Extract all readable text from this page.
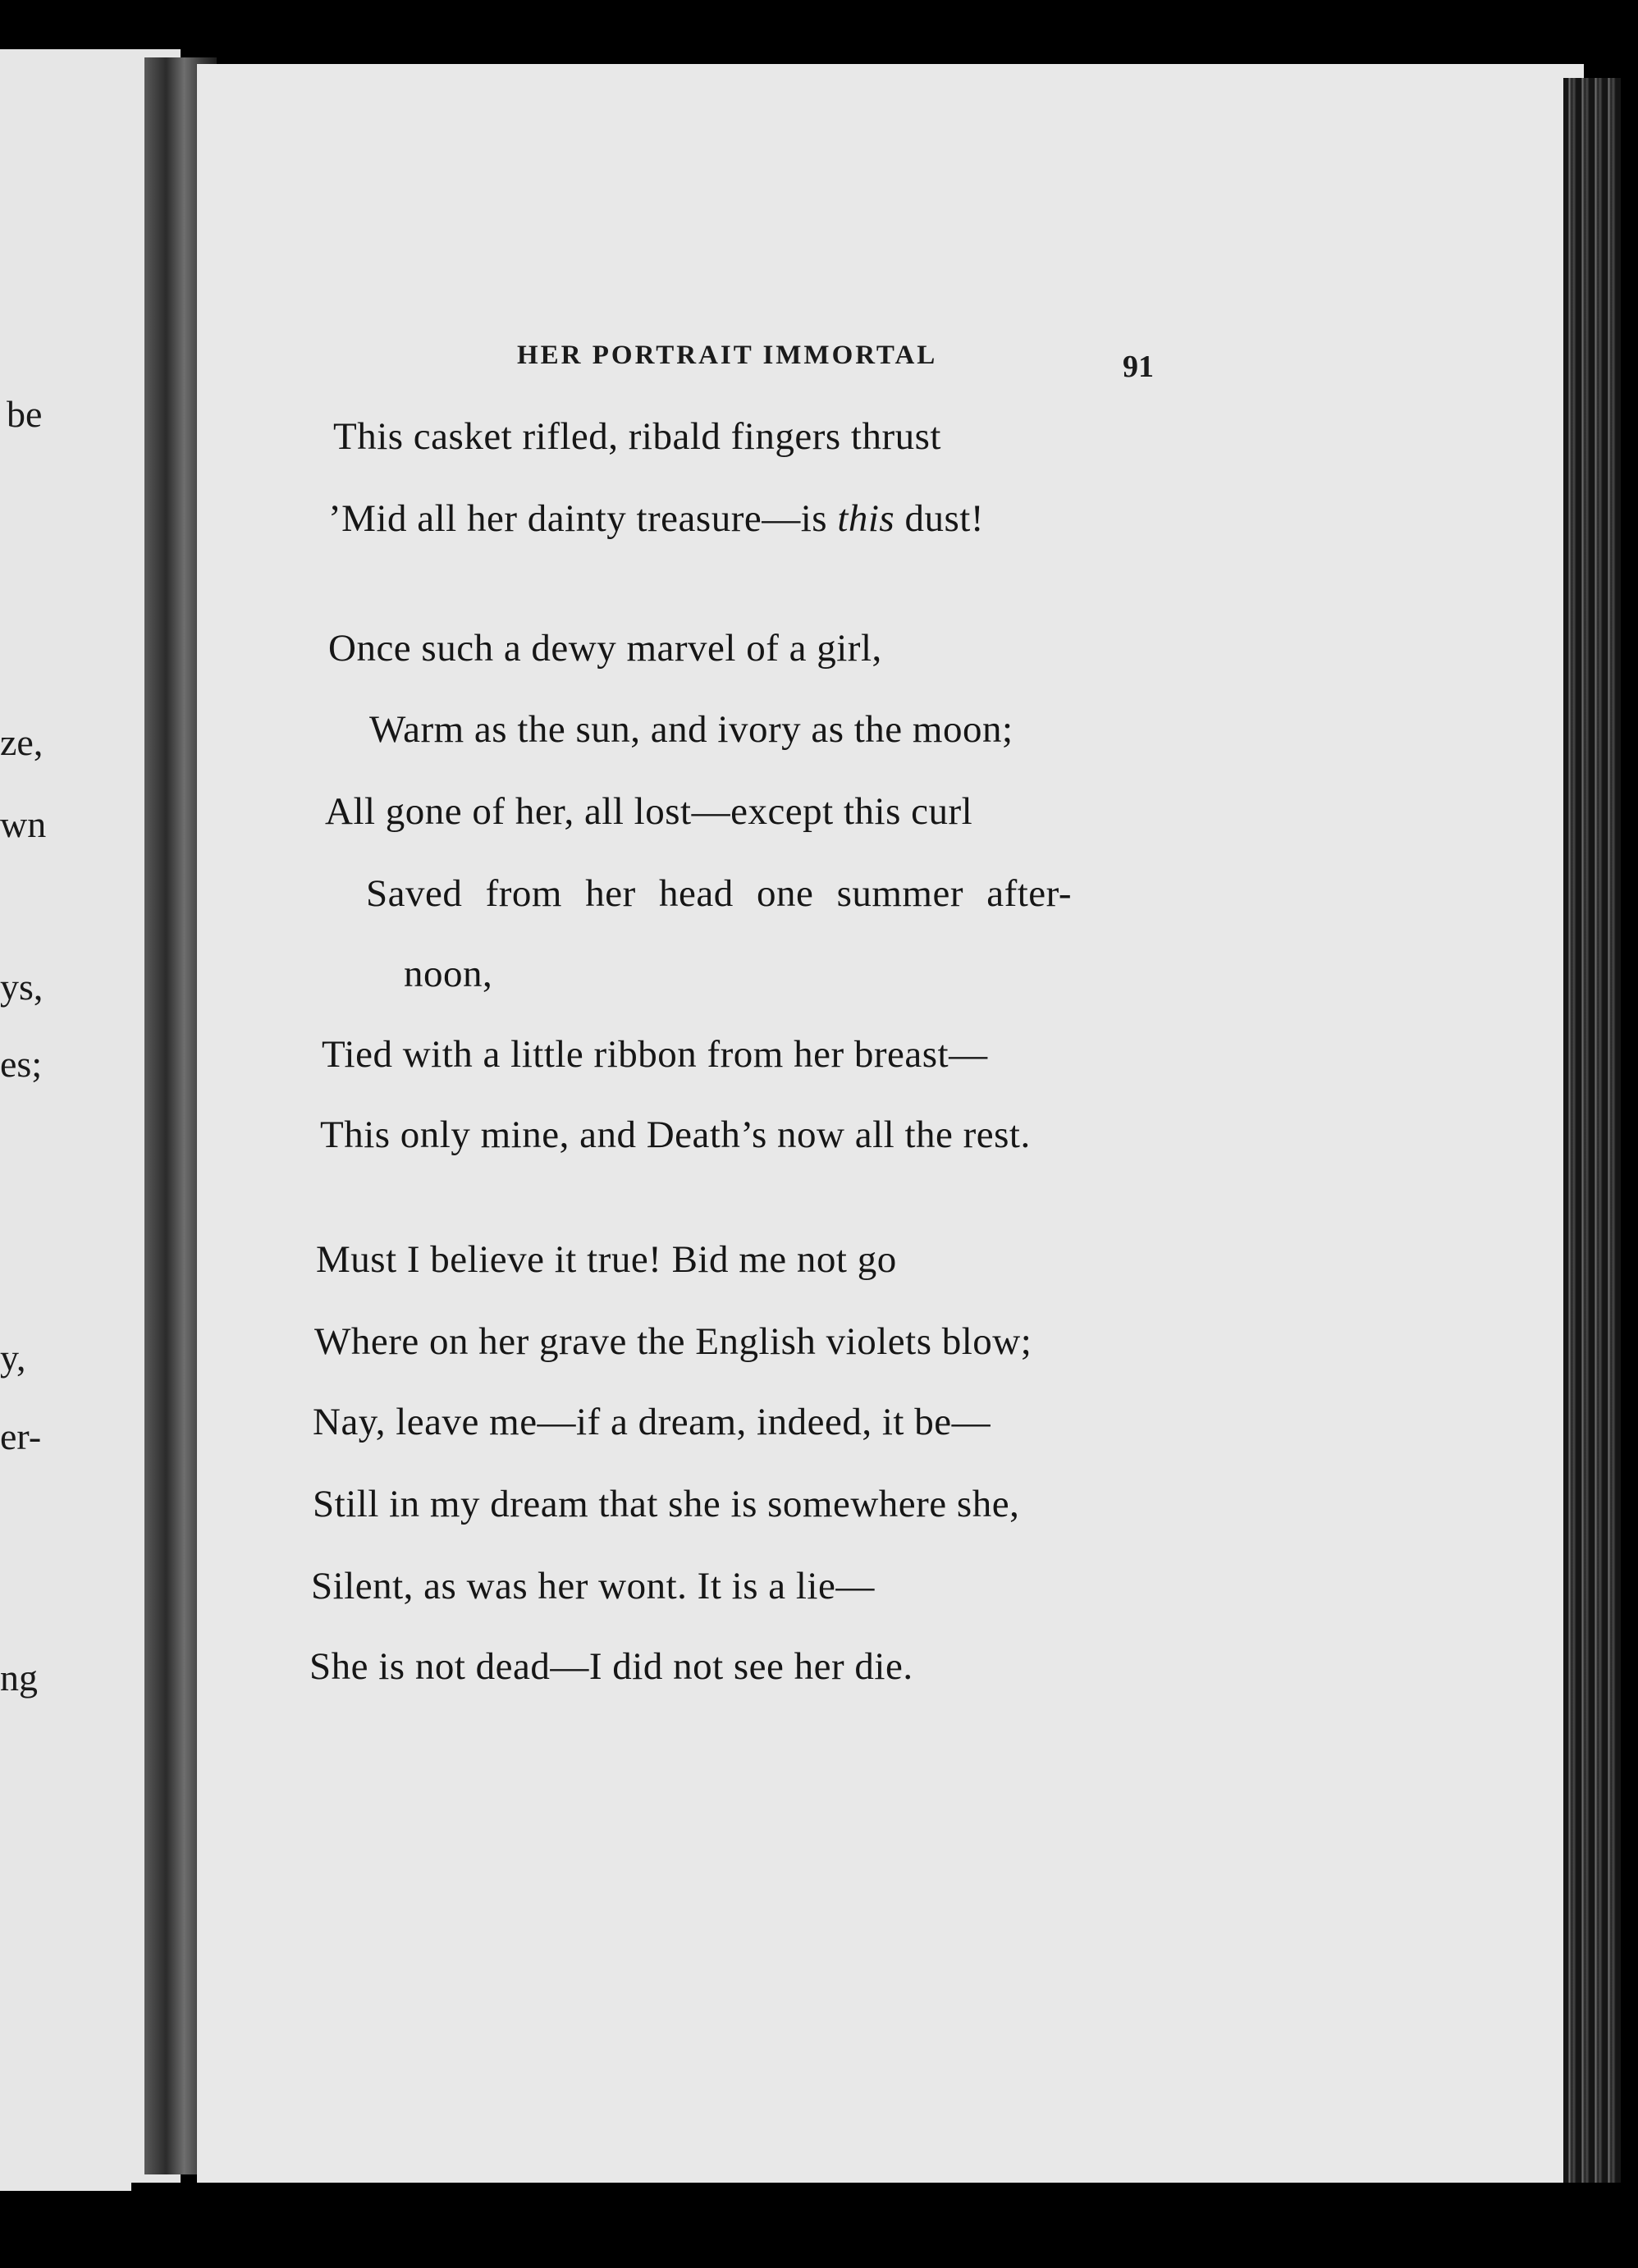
be
ze,
wn
ys,
es;
y,
er-
ng
HER PORTRAIT IMMORTAL	91
This casket rifled, ribald fingers thrust
’Mid all her dainty treasure—is this dust!
Once such a dewy marvel of a girl,
Warm as the sun, and ivory as the moon;
All gone of her, all lost—except this curl
Saved from her head one summer after-
noon,
Tied with a little ribbon from her breast—
This only mine, and Death’s now all the rest.
Must I believe it true! Bid me not go
Where on her grave the English violets blow;
Nay, leave me—if a dream, indeed, it be—
Still in my dream that she is somewhere she,
Silent, as was her wont. It is a lie—
She is not dead—I did not see her die.
